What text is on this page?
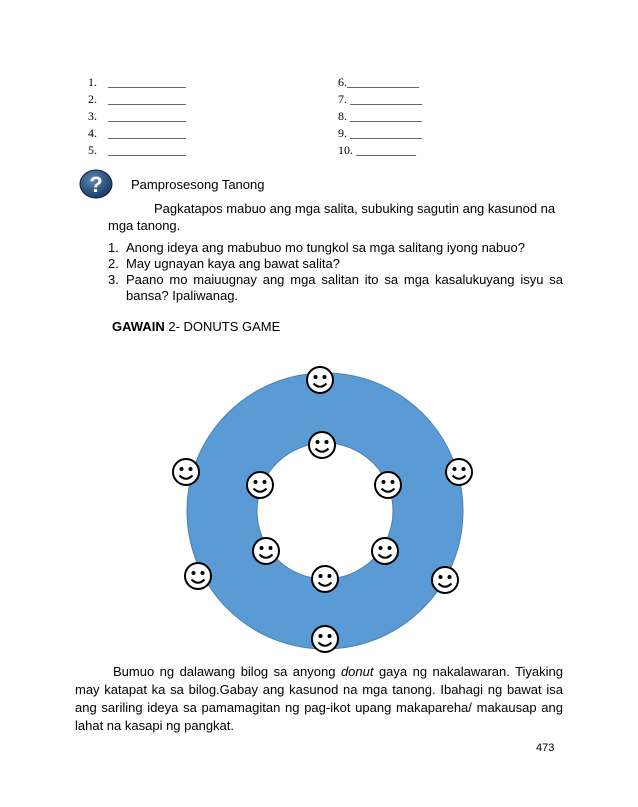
1. _____________
2. _____________
3. _____________
4. _____________
5. _____________
6.____________
7. ____________
8. ____________
9. ____________
10. __________
? Pamprosesong Tanong
Pagkatapos mabuo ang mga salita, subuking sagutin ang kasunod na mga tanong.
1. Anong ideya ang mabubuo mo tungkol sa mga salitang iyong nabuo?
2. May ugnayan kaya ang bawat salita?
3. Paano mo maiuugnay ang mga salitan ito sa mga kasalukuyang isyu sa bansa? Ipaliwanag.
GAWAIN 2- DONUTS GAME
Bumuo ng dalawang bilog sa anyong donut gaya ng nakalawaran. Tiyaking may katapat ka sa bilog.Gabay ang kasunod na mga tanong. Ibahagi ng bawat isa ang sariling ideya sa pamamagitan ng pag-ikot upang makapareha/ makausap ang lahat na kasapi ng pangkat.
473
